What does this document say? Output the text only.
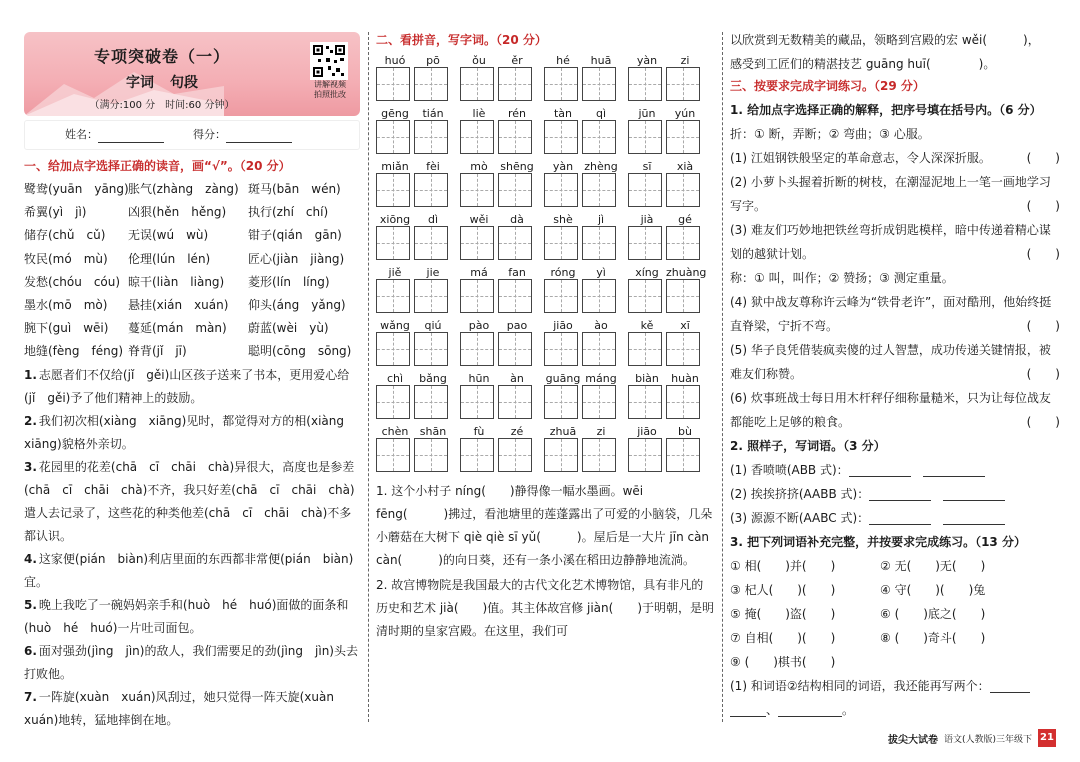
专项突破卷（一）
字词 句段
（满分:100 分　时间:60 分钟）
讲解视频
拍照批改
姓名：	得分：
一、给加点字选择正确的读音，画“√”。（20 分）
鹭鸯(yuān　yāng) 胀气(zhàng　zàng) 斑马(bān　wén)
希翼(yì　jì)	凶狠(hěn　hěng)	执行(zhí　chí)
储存(chǔ　cǔ)	无误(wú　wù)	钳子(qián　gān)
牧民(mó　mù)	伦理(lún　lén)	匠心(jiàn　jiàng)
发愁(chóu　cóu) 晾干(liàn　liàng)	菱形(lín　líng)
墨水(mō　mò)	悬挂(xián　xuán)	仰头(áng　yǎng)
腕下(guì　wēi)	蔓延(mán　màn)	蔚蓝(wèi　yù)
地缝(fèng　féng) 脊背(jǐ　jī)	聪明(cōng　sōng)
1. 志愿者们不仅给(jǐ　gěi)山区孩子送来了书本，更用爱心给(jǐ　gěi)予了他们精神上的鼓励。
2. 我们初次相(xiàng　xiāng)见时，都觉得对方的相(xiàng　xiāng)貌格外亲切。
3. 花园里的花差(chā　cī　chāi　chà)异很大，高度也是参差(chā　cī　chāi　chà)不齐，我只好差(chā　cī　chāi　chà)遣人去记录了，这些花的种类他差(chā　cī　chāi　chà)不多都认识。
4. 这家便(pián　biàn)利店里面的东西都非常便(pián　biàn)宜。
5. 晚上我吃了一碗妈妈亲手和(huò　hé　huó)面做的面条和(huò　hé　huó)一片吐司面包。
6. 面对强劲(jìng　jìn)的敌人，我们需要足的劲(jìng　jìn)头去打败他。
7. 一阵旋(xuàn　xuán)风刮过，她只觉得一阵天旋(xuàn　xuán)地转，猛地摔倒在地。
二、看拼音，写字词。（20 分）
huó	pō	ǒu	ěr	hé	huā	yàn	zi
gēng	tián	liè	rén	tàn	qì	jūn	yún
miǎn	fèi	mò	shēng	yàn	zhèng	sī	xià
xiōng	dì	wěi	dà	shè	jì	jià	gé
jiě	jie	má	fan	róng	yì	xíng zhuàng
wǎng	qiú	pào	pao	jiāo	ào	kě	xī
chì	bǎng	hūn	àn	guāng máng	biàn	huàn
chèn	shān	fù	zé	zhuā	zi	jiāo	bù
1. 这个小村子 níng(　　)静得像一幅水墨画。wēi fēng(　　　)拂过，看池塘里的莲蓬露出了可爱的小脑袋，几朵小蘑菇在大树下 qiè qiè sī yǔ(　　　)。屋后是一大片 jīn càn càn(　　　)的向日葵，还有一条小溪在稻田边静静地流淌。
2. 故宫博物院是我国最大的古代文化艺术博物馆，具有非凡的历史和艺术 jià(　　)值。其主体故宫修 jiàn(　　)于明朝，是明清时期的皇家宫殿。在这里，我们可
以欣赏到无数精美的藏品，领略到宫殿的宏 wěi(　　　)，
感受到工匠们的精湛技艺 guāng huī(　　　　)。
三、按要求完成字词练习。（29 分）
1. 给加点字选择正确的解释，把序号填在括号内。（6 分）
折：① 断，弄断；② 弯曲；③ 心服。
(1) 江姐钢铁般坚定的革命意志，令人深深折服。	(　　)
(2) 小萝卜头握着折断的树枝，在潮湿泥地上一笔一画地学习写字。	(　　)
(3) 难友们巧妙地把铁丝弯折成钥匙模样，暗中传递着精心谋划的越狱计划。	(　　)
称：① 叫，叫作；② 赞扬；③ 测定重量。
(4) 狱中战友尊称许云峰为“铁骨老许”，面对酷刑，他始终挺直脊梁，宁折不弯。	(　　)
(5) 华子良凭借装疯卖傻的过人智慧，成功传递关键情报，被难友们称赞。	(　　)
(6) 炊事班战士每日用木杆秤仔细称量糙米，只为让每位战友都能吃上足够的粮食。	(　　)
2. 照样子，写词语。（3 分）
(1) 香喷喷(ABB 式)：
(2) 挨挨挤挤(AABB 式)：
(3) 源源不断(AABC 式)：
3. 把下列词语补充完整，并按要求完成练习。（13 分）
① 相(　　)并(　　)	② 无(　　)无(　　)
③ 杞人(　　)(　　)	④ 守(　　)(　　)兔
⑤ 掩(　　)盗(　　)	⑥ (　　)底之(　　)
⑦ 自相(　　)(　　)	⑧ (　　)奇斗(　　)
⑨ (　　)棋书(　　)
(1) 和词语②结构相同的词语，我还能再写两个：
、	。
拔尖大试卷 语文(人教版)三年级下 21
